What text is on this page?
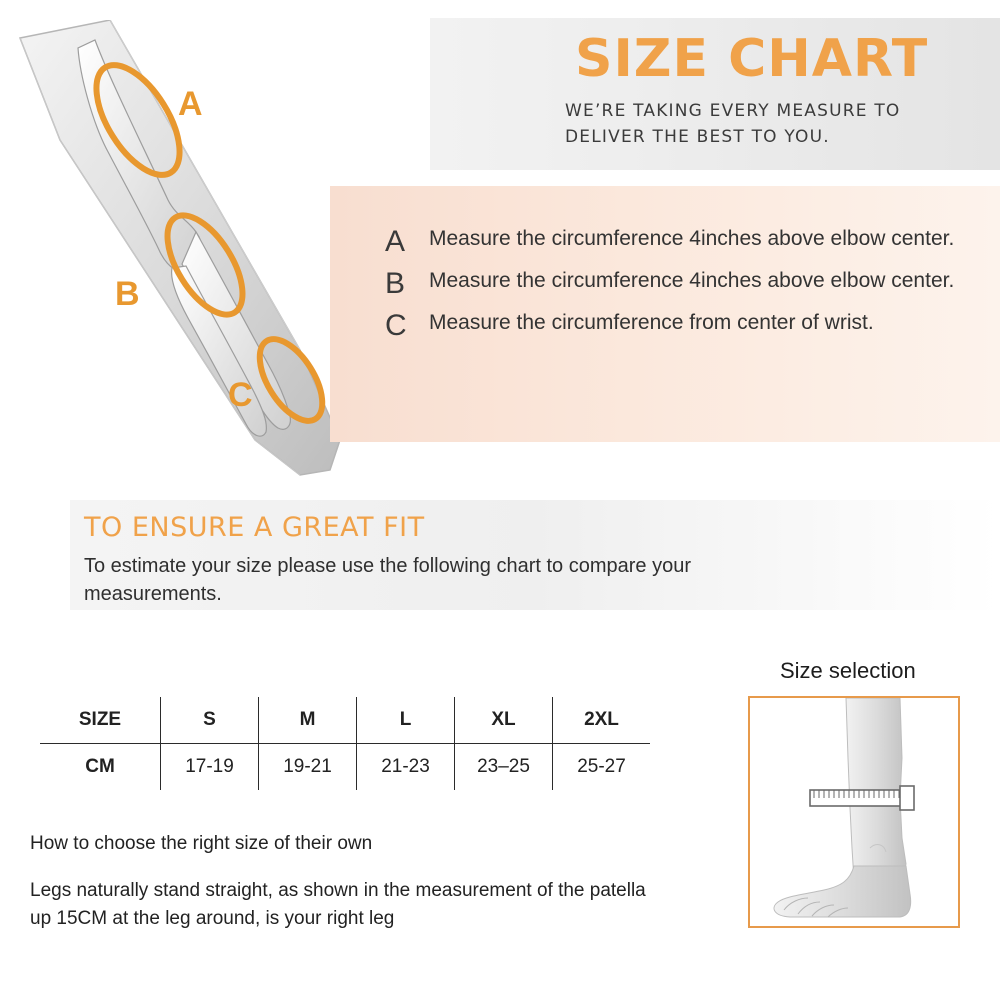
SIZE CHART
WE’RE TAKING EVERY MEASURE TO
DELIVER THE BEST TO YOU.
A
B
C
A	Measure the circumference 4inches above elbow center.
B	Measure the circumference 4inches above elbow center.
C	Measure the circumference from center of wrist.
TO ENSURE A GREAT FIT
To estimate your size please use the following chart to compare your measurements.
SIZE	S	M	L	XL	2XL
CM	17-19	19-21	21-23	23–25	25-27
How to choose the right size of their own
Legs naturally stand straight, as shown in the measurement of the patella up 15CM at the leg around, is your right leg
Size selection
